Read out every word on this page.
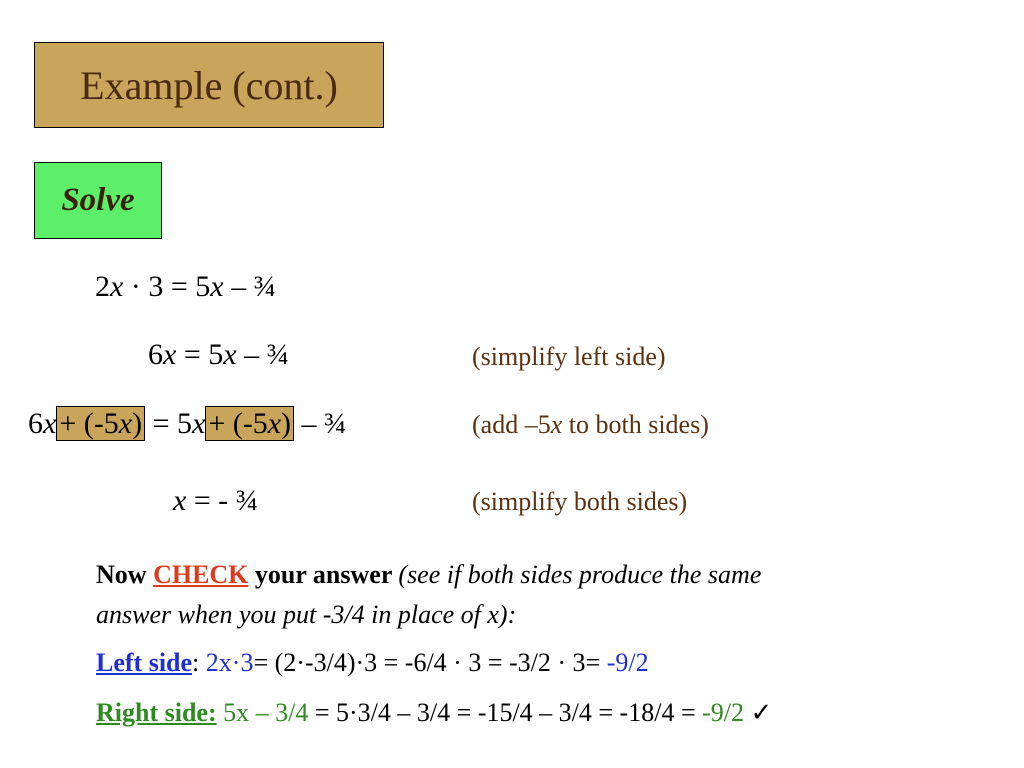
Example (cont.)
Solve
2x · 3 = 5x – ¾
6x = 5x – ¾	(simplify left side)
6x + (-5x) = 5x + (-5x) – ¾	(add –5x to both sides)
x = - ¾	(simplify both sides)
Now CHECK your answer (see if both sides produce the same
answer when you put -3/4 in place of x):
Left side: 2x·3= (2·-3/4)·3 = -6/4 · 3 = -3/2 · 3= -9/2
Right side: 5x – 3/4 = 5·3/4 – 3/4 = -15/4 – 3/4 = -18/4 = -9/2 ✓
